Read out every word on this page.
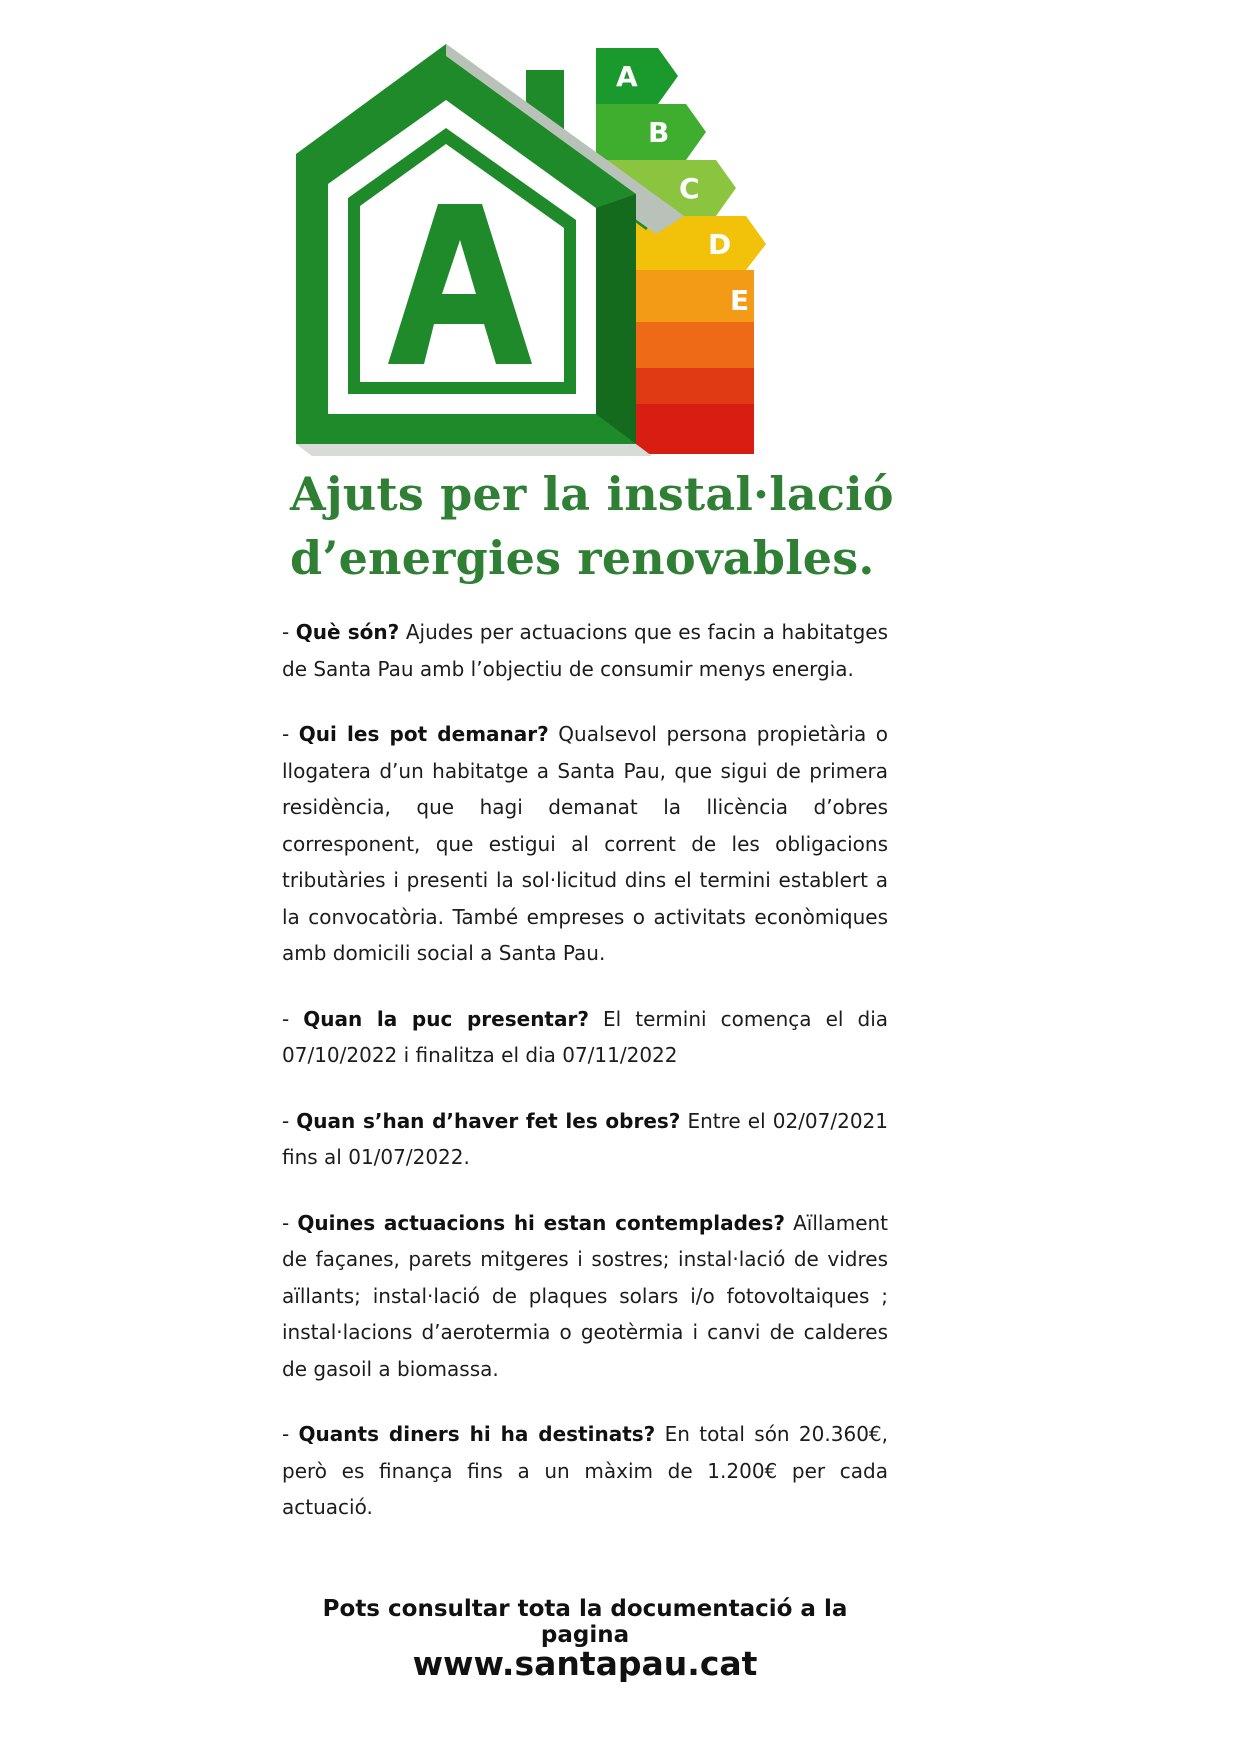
A
B
C
D
E
Ajuts per la instal·lació
d’energies renovables.

- Què són? Ajudes per actuacions que es facin a habitatges de Santa Pau amb l’objectiu de consumir menys energia.

- Qui les pot demanar? Qualsevol persona propietària o llogatera d’un habitatge a Santa Pau, que sigui de primera residència, que hagi demanat la llicència d’obres corresponent, que estigui al corrent de les obligacions tributàries i presenti la sol·licitud dins el termini establert a la convocatòria. També empreses o activitats econòmiques amb domicili social a Santa Pau.

- Quan la puc presentar? El termini comença el dia 07/10/2022 i finalitza el dia 07/11/2022

- Quan s’han d’haver fet les obres? Entre el 02/07/2021 fins al 01/07/2022.

- Quines actuacions hi estan contemplades? Aïllament de façanes, parets mitgeres i sostres; instal·lació de vidres aïllants; instal·lació de plaques solars i/o fotovoltaiques ; instal·lacions d’aerotermia o geotèrmia i canvi de calderes de gasoil a biomassa.

- Quants diners hi ha destinats? En total són 20.360€, però es finança fins a un màxim de 1.200€ per cada actuació.

Pots consultar tota la documentació a la pagina
www.santapau.cat
